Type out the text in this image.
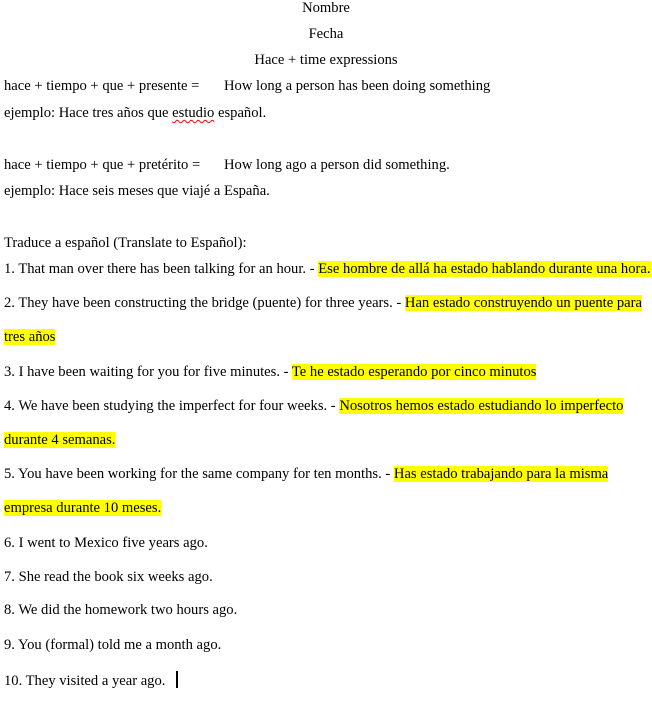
Nombre
Fecha
Hace + time expressions
hace + tiempo + que + presente = How long a person has been doing something
ejemplo: Hace tres años que estudio español.
hace + tiempo + que + pretérito = How long ago a person did something.
ejemplo: Hace seis meses que viajé a España.
Traduce a español (Translate to Español):
1. That man over there has been talking for an hour. - Ese hombre de allá ha estado hablando durante una hora.
2. They have been constructing the bridge (puente) for three years. - Han estado construyendo un puente para
tres años
3. I have been waiting for you for five minutes. - Te he estado esperando por cinco minutos
4. We have been studying the imperfect for four weeks. - Nosotros hemos estado estudiando lo imperfecto
durante 4 semanas.
5. You have been working for the same company for ten months. - Has estado trabajando para la misma
empresa durante 10 meses.
6. I went to Mexico five years ago.
7. She read the book six weeks ago.
8. We did the homework two hours ago.
9. You (formal) told me a month ago.
10. They visited a year ago.
